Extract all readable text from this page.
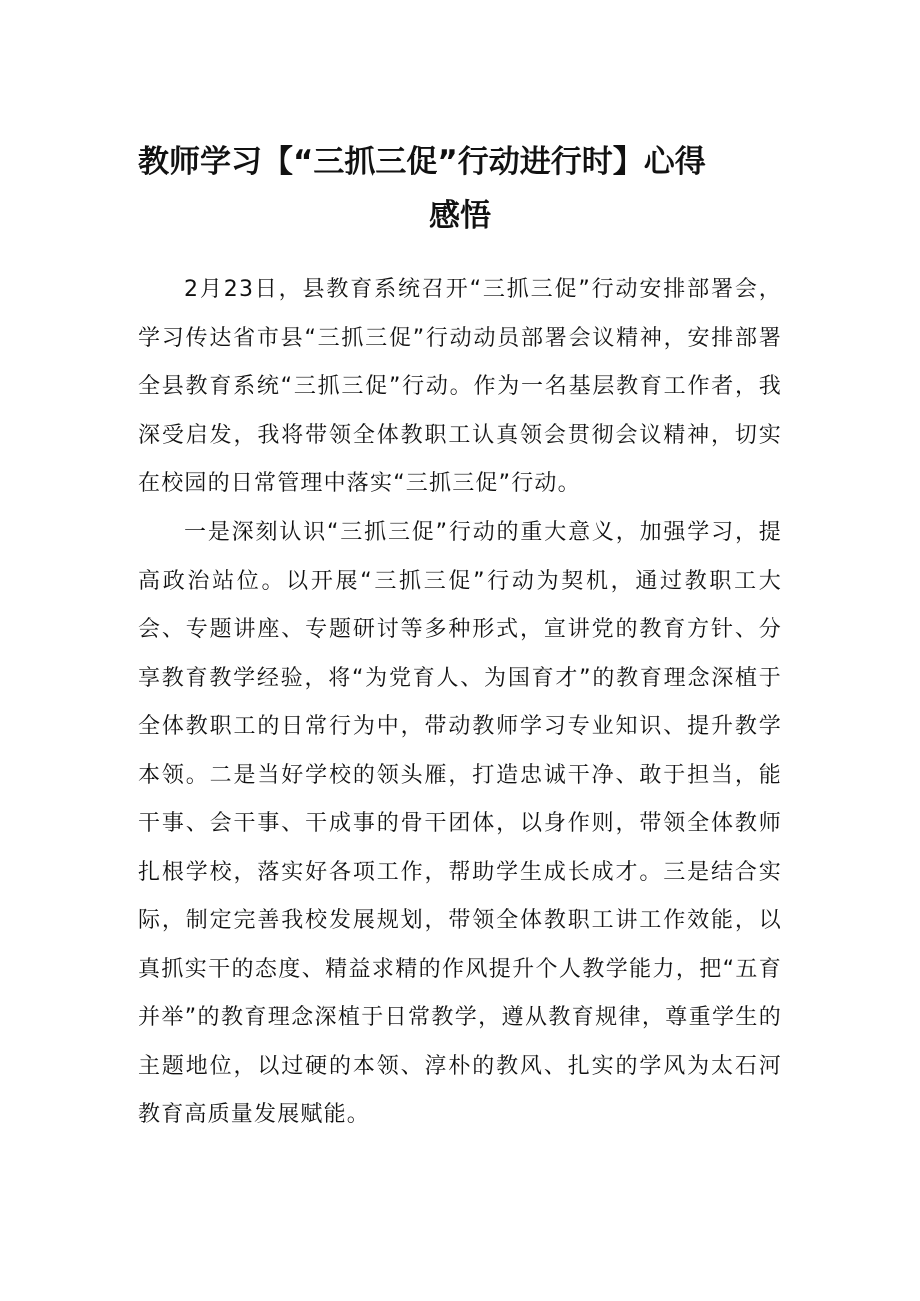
教师学习【“三抓三促”行动进行时】心得
感悟

2月23日，县教育系统召开“三抓三促”行动安排部署会，学习传达省市县“三抓三促”行动动员部署会议精神，安排部署全县教育系统“三抓三促”行动。作为一名基层教育工作者，我深受启发，我将带领全体教职工认真领会贯彻会议精神，切实在校园的日常管理中落实“三抓三促”行动。

一是深刻认识“三抓三促”行动的重大意义，加强学习，提高政治站位。以开展“三抓三促”行动为契机，通过教职工大会、专题讲座、专题研讨等多种形式，宣讲党的教育方针、分享教育教学经验，将“为党育人、为国育才”的教育理念深植于全体教职工的日常行为中，带动教师学习专业知识、提升教学本领。二是当好学校的领头雁，打造忠诚干净、敢于担当，能干事、会干事、干成事的骨干团体，以身作则，带领全体教师扎根学校，落实好各项工作，帮助学生成长成才。三是结合实际，制定完善我校发展规划，带领全体教职工讲工作效能，以真抓实干的态度、精益求精的作风提升个人教学能力，把“五育并举”的教育理念深植于日常教学，遵从教育规律，尊重学生的主题地位，以过硬的本领、淳朴的教风、扎实的学风为太石河教育高质量发展赋能。
